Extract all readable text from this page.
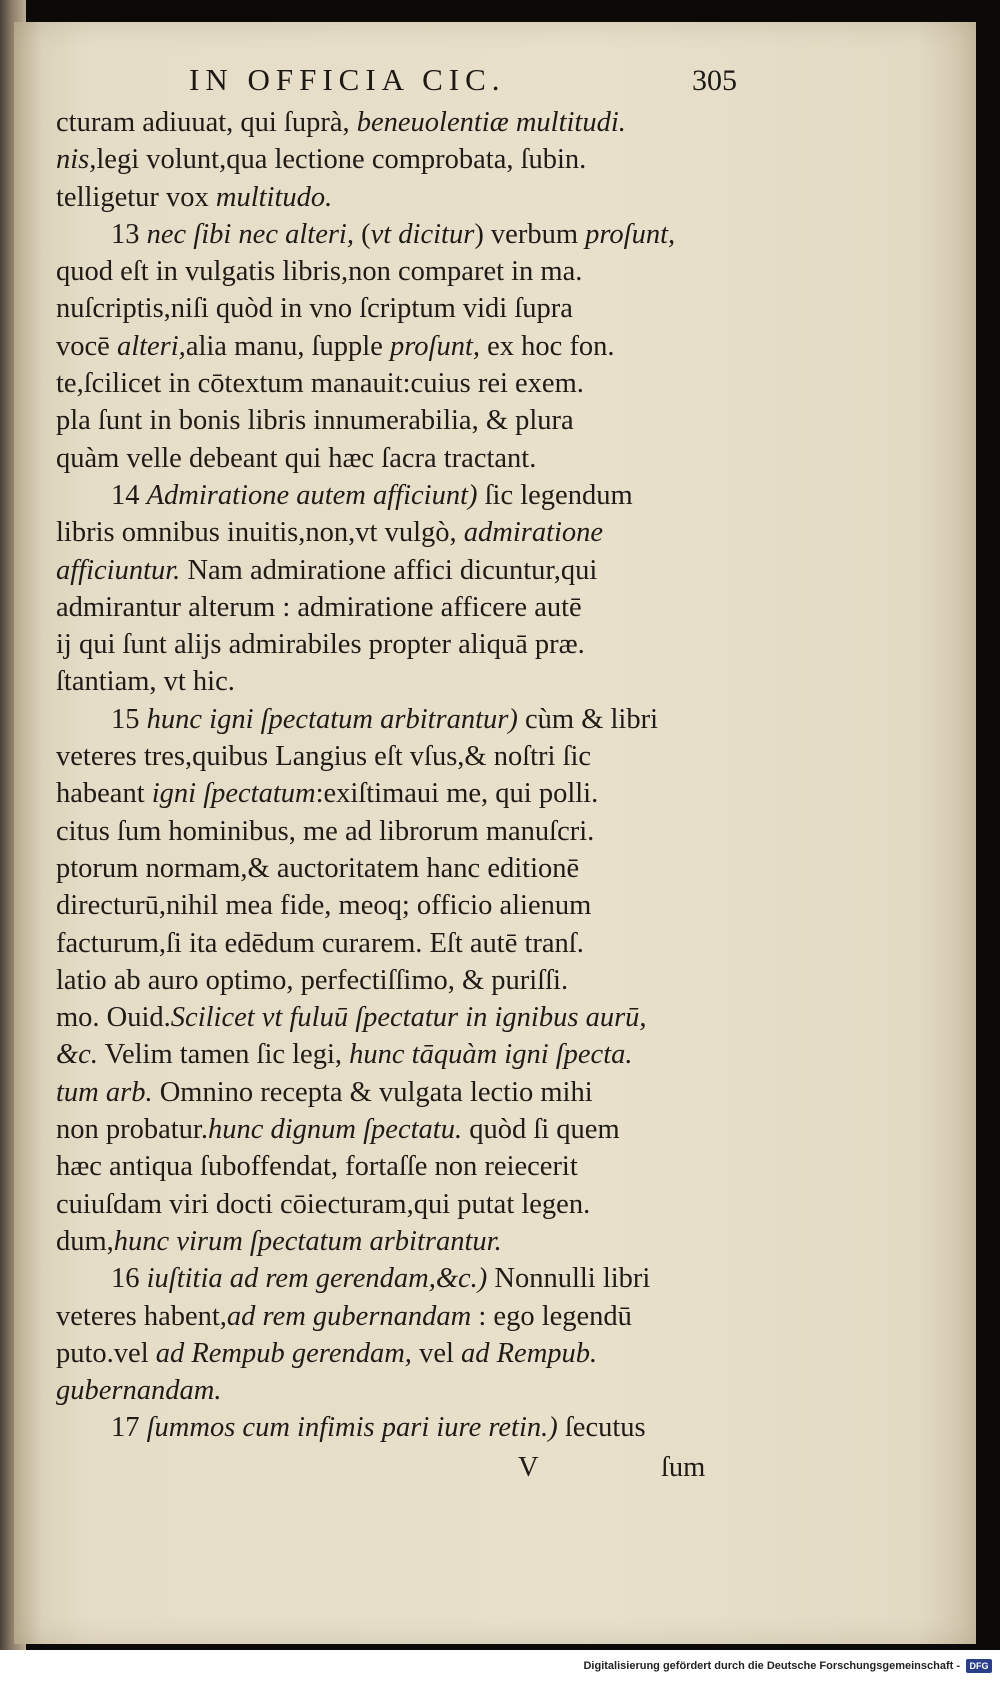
IN OFFICIA CIC.	305
cturam adiuuat, qui ſuprà, beneuolentiæ multitudi.
nis,legi volunt,qua lectione comprobata, ſubin.
telligetur vox multitudo.
13 nec ſibi nec alteri, (vt dicitur) verbum proſunt,
quod eſt in vulgatis libris,non comparet in ma.
nuſcriptis,niſi quòd in vno ſcriptum vidi ſupra
vocē alteri,alia manu, ſupple proſunt, ex hoc fon.
te,ſcilicet in cōtextum manauit:cuius rei exem.
pla ſunt in bonis libris innumerabilia, & plura
quàm velle debeant qui hæc ſacra tractant.
14 Admiratione autem afficiunt) ſic legendum
libris omnibus inuitis,non,vt vulgò, admiratione
afficiuntur. Nam admiratione affici dicuntur,qui
admirantur alterum : admiratione afficere autē
ij qui ſunt alijs admirabiles propter aliquā præ.
ſtantiam, vt hic.
15 hunc igni ſpectatum arbitrantur) cùm & libri
veteres tres,quibus Langius eſt vſus,& noſtri ſic
habeant igni ſpectatum:exiſtimaui me, qui polli.
citus ſum hominibus, me ad librorum manuſcri.
ptorum normam,& auctoritatem hanc editionē
directurū,nihil mea fide, meoq; officio alienum
facturum,ſi ita edēdum curarem. Eſt autē tranſ.
latio ab auro optimo, perfectiſſimo, & puriſſi.
mo. Ouid.Scilicet vt fuluū ſpectatur in ignibus aurū,
&c. Velim tamen ſic legi, hunc tāquàm igni ſpecta.
tum arb. Omnino recepta & vulgata lectio mihi
non probatur.hunc dignum ſpectatu. quòd ſi quem
hæc antiqua ſuboffendat, fortaſſe non reiecerit
cuiuſdam viri docti cōiecturam,qui putat legen.
dum,hunc virum ſpectatum arbitrantur.
16 iuſtitia ad rem gerendam,&c.) Nonnulli libri
veteres habent,ad rem gubernandam : ego legendū
puto.vel ad Rempub gerendam, vel ad Rempub.
gubernandam.
17 ſummos cum infimis pari iure retin.) ſecutus
V	ſum
Digitalisierung gefördert durch die Deutsche Forschungsgemeinschaft -	DFG
